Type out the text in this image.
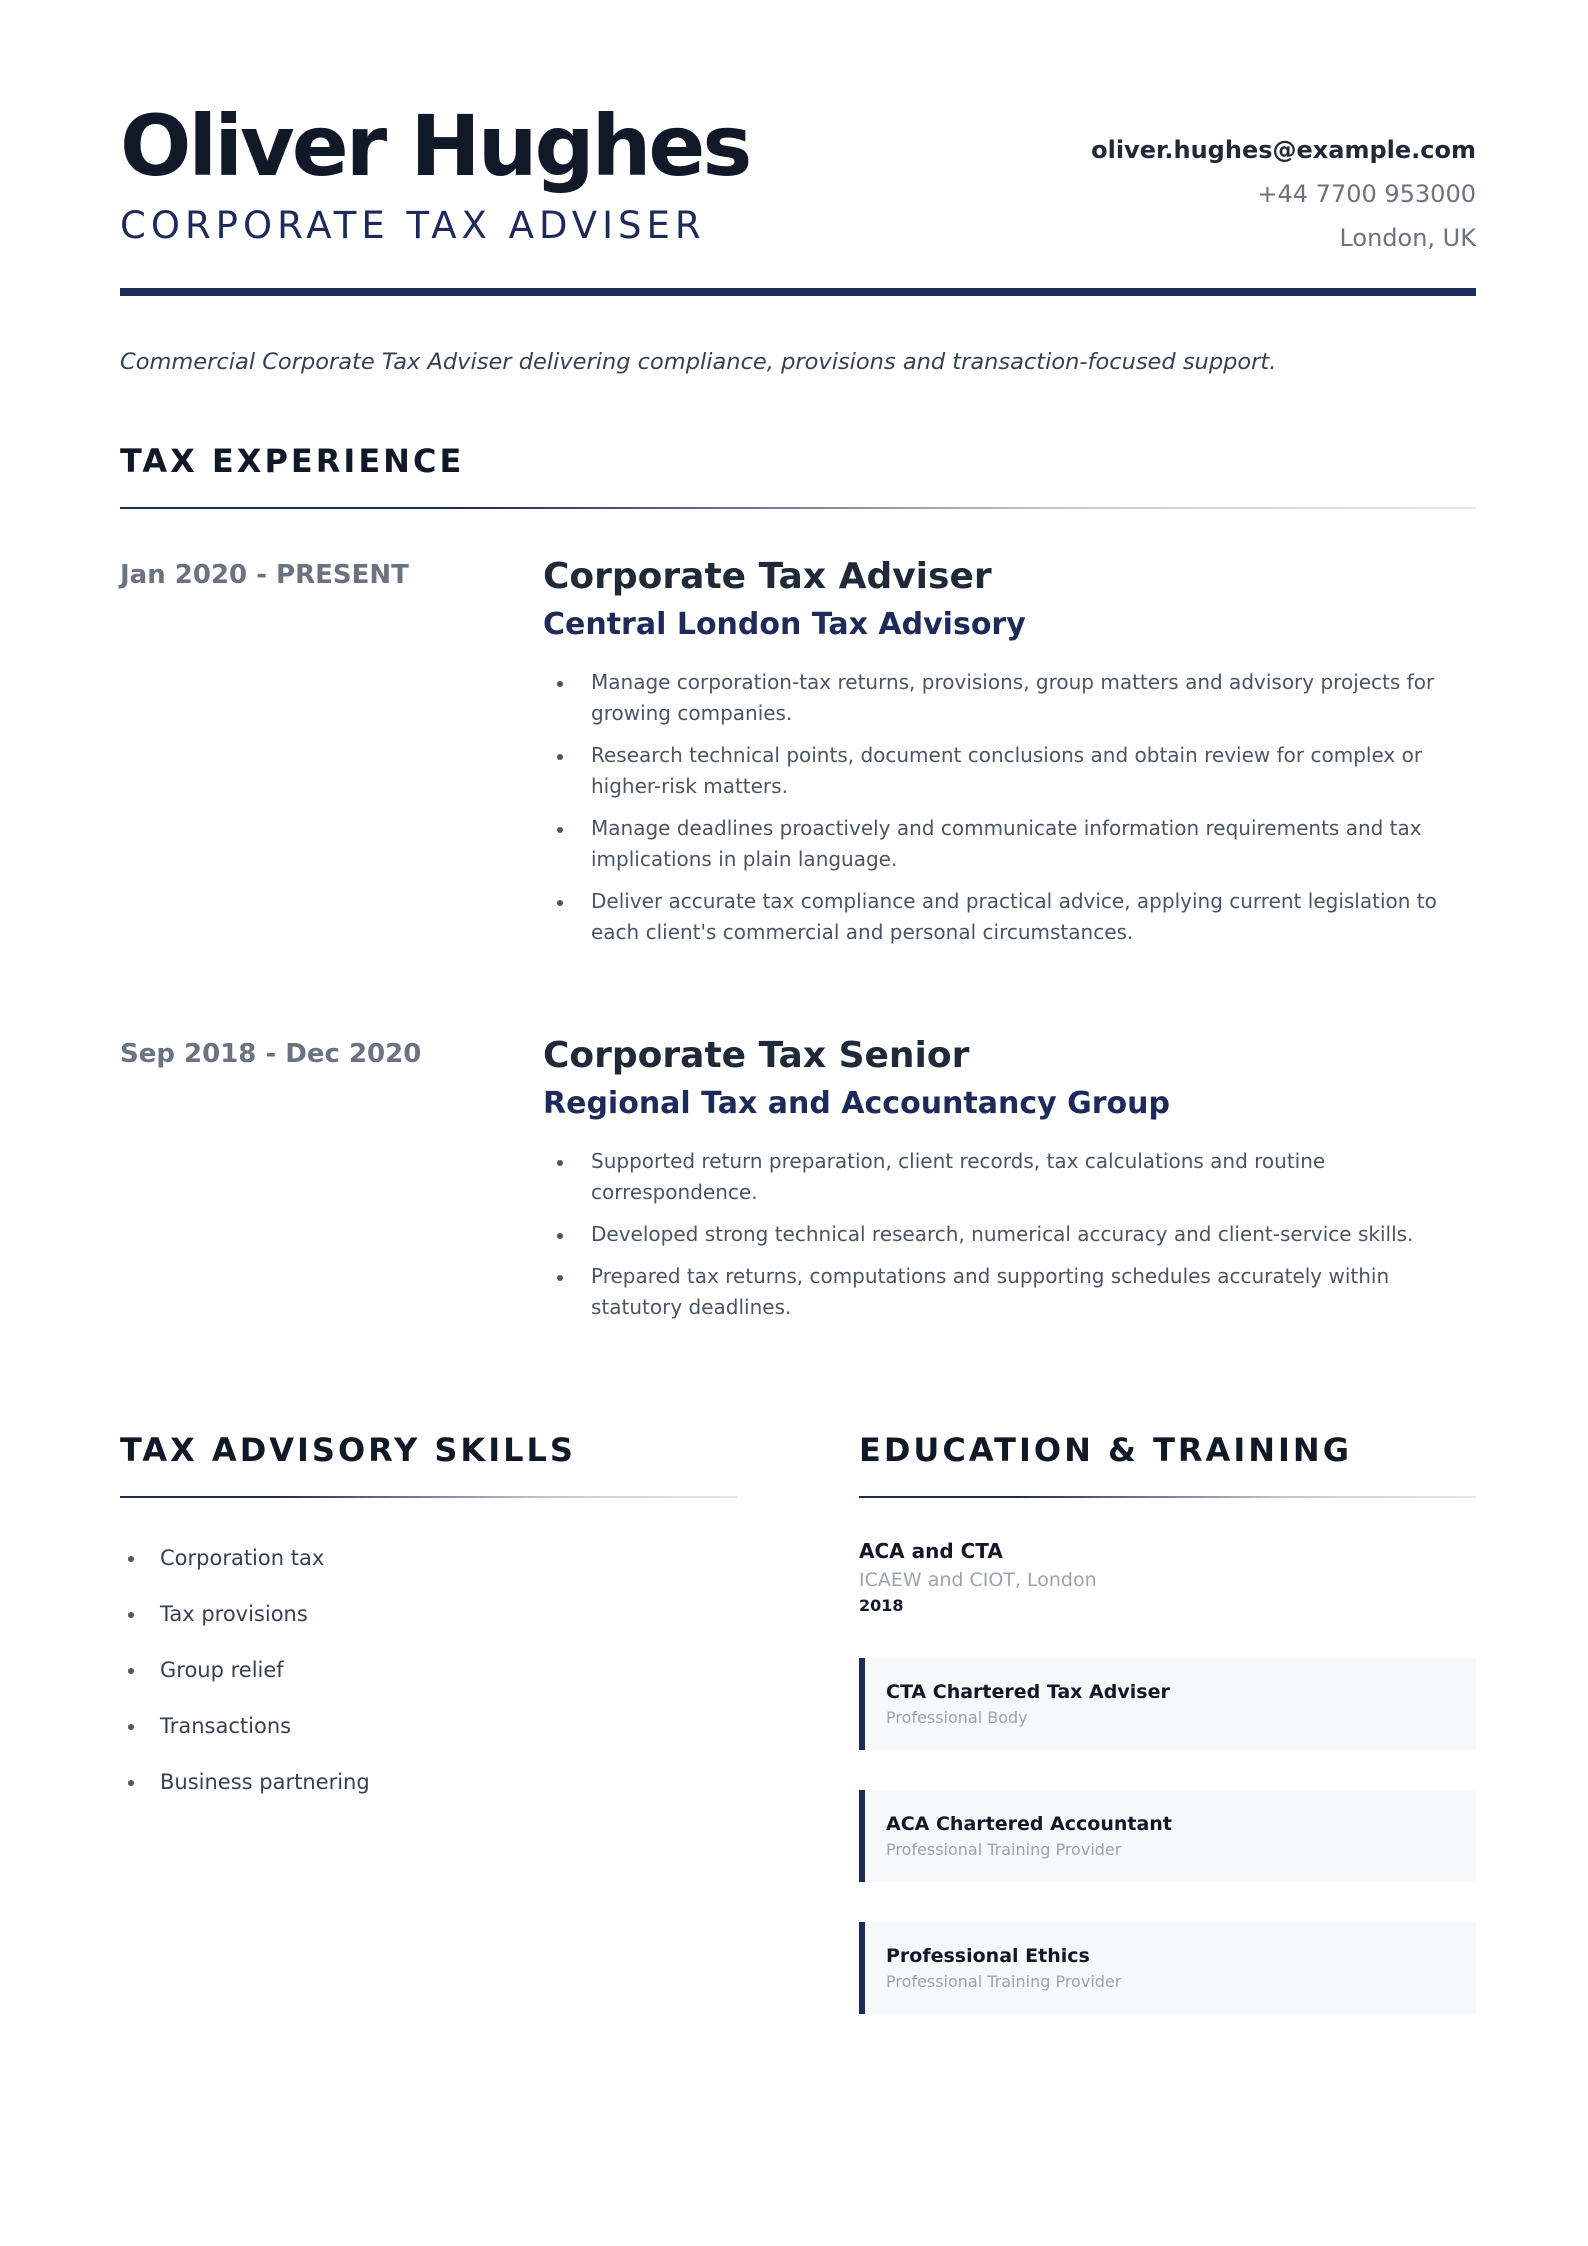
Oliver Hughes
CORPORATE TAX ADVISER
oliver.hughes@example.com
+44 7700 953000
London, UK
Commercial Corporate Tax Adviser delivering compliance, provisions and transaction-focused support.
TAX EXPERIENCE
Jan 2020 - PRESENT	Corporate Tax Adviser
Central London Tax Advisory
Manage corporation-tax returns, provisions, group matters and advisory projects for growing companies.
Research technical points, document conclusions and obtain review for complex or higher-risk matters.
Manage deadlines proactively and communicate information requirements and tax implications in plain language.
Deliver accurate tax compliance and practical advice, applying current legislation to each client's commercial and personal circumstances.
Sep 2018 - Dec 2020	Corporate Tax Senior
Regional Tax and Accountancy Group
Supported return preparation, client records, tax calculations and routine correspondence.
Developed strong technical research, numerical accuracy and client-service skills.
Prepared tax returns, computations and supporting schedules accurately within statutory deadlines.
TAX ADVISORY SKILLS
Corporation tax
Tax provisions
Group relief
Transactions
Business partnering
EDUCATION & TRAINING
ACA and CTA
ICAEW and CIOT, London
2018
CTA Chartered Tax Adviser
Professional Body
ACA Chartered Accountant
Professional Training Provider
Professional Ethics
Professional Training Provider
